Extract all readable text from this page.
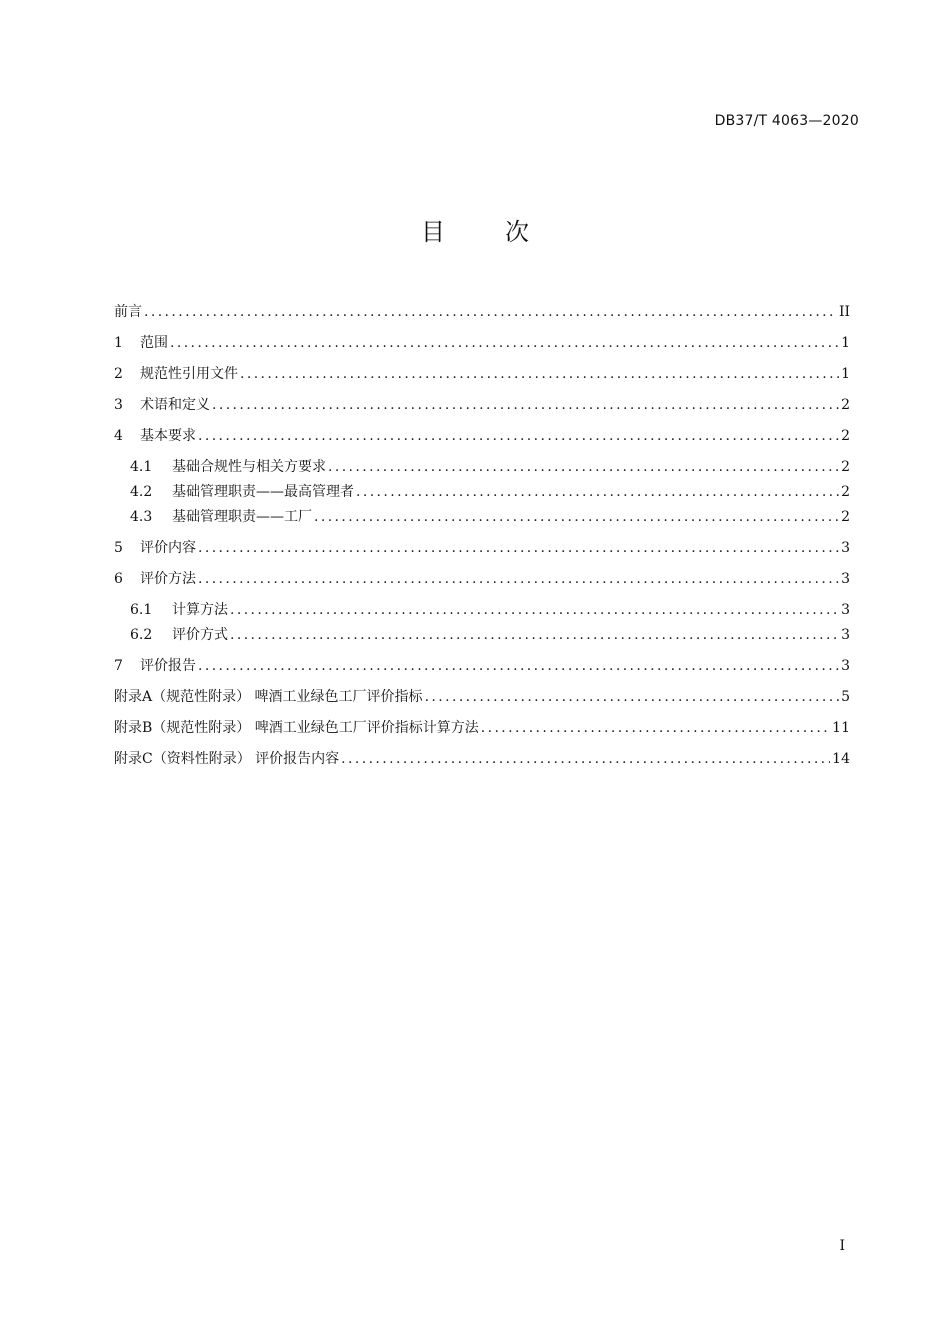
DB37/T 4063—2020
目	次
前言 .....	II
1	范围 .....	1
2	规范性引用文件 .....	1
3	术语和定义 .....	2
4	基本要求 .....	2
4.1	基础合规性与相关方要求 .....	2
4.2	基础管理职责——最高管理者 .....	2
4.3	基础管理职责——工厂 .....	2
5	评价内容 .....	3
6	评价方法 .....	3
6.1	计算方法 .....	3
6.2	评价方式 .....	3
7	评价报告 .....	3
附录A（规范性附录） 啤酒工业绿色工厂评价指标 .....	5
附录B（规范性附录） 啤酒工业绿色工厂评价指标计算方法 .....	11
附录C（资料性附录） 评价报告内容 .....	14
I
